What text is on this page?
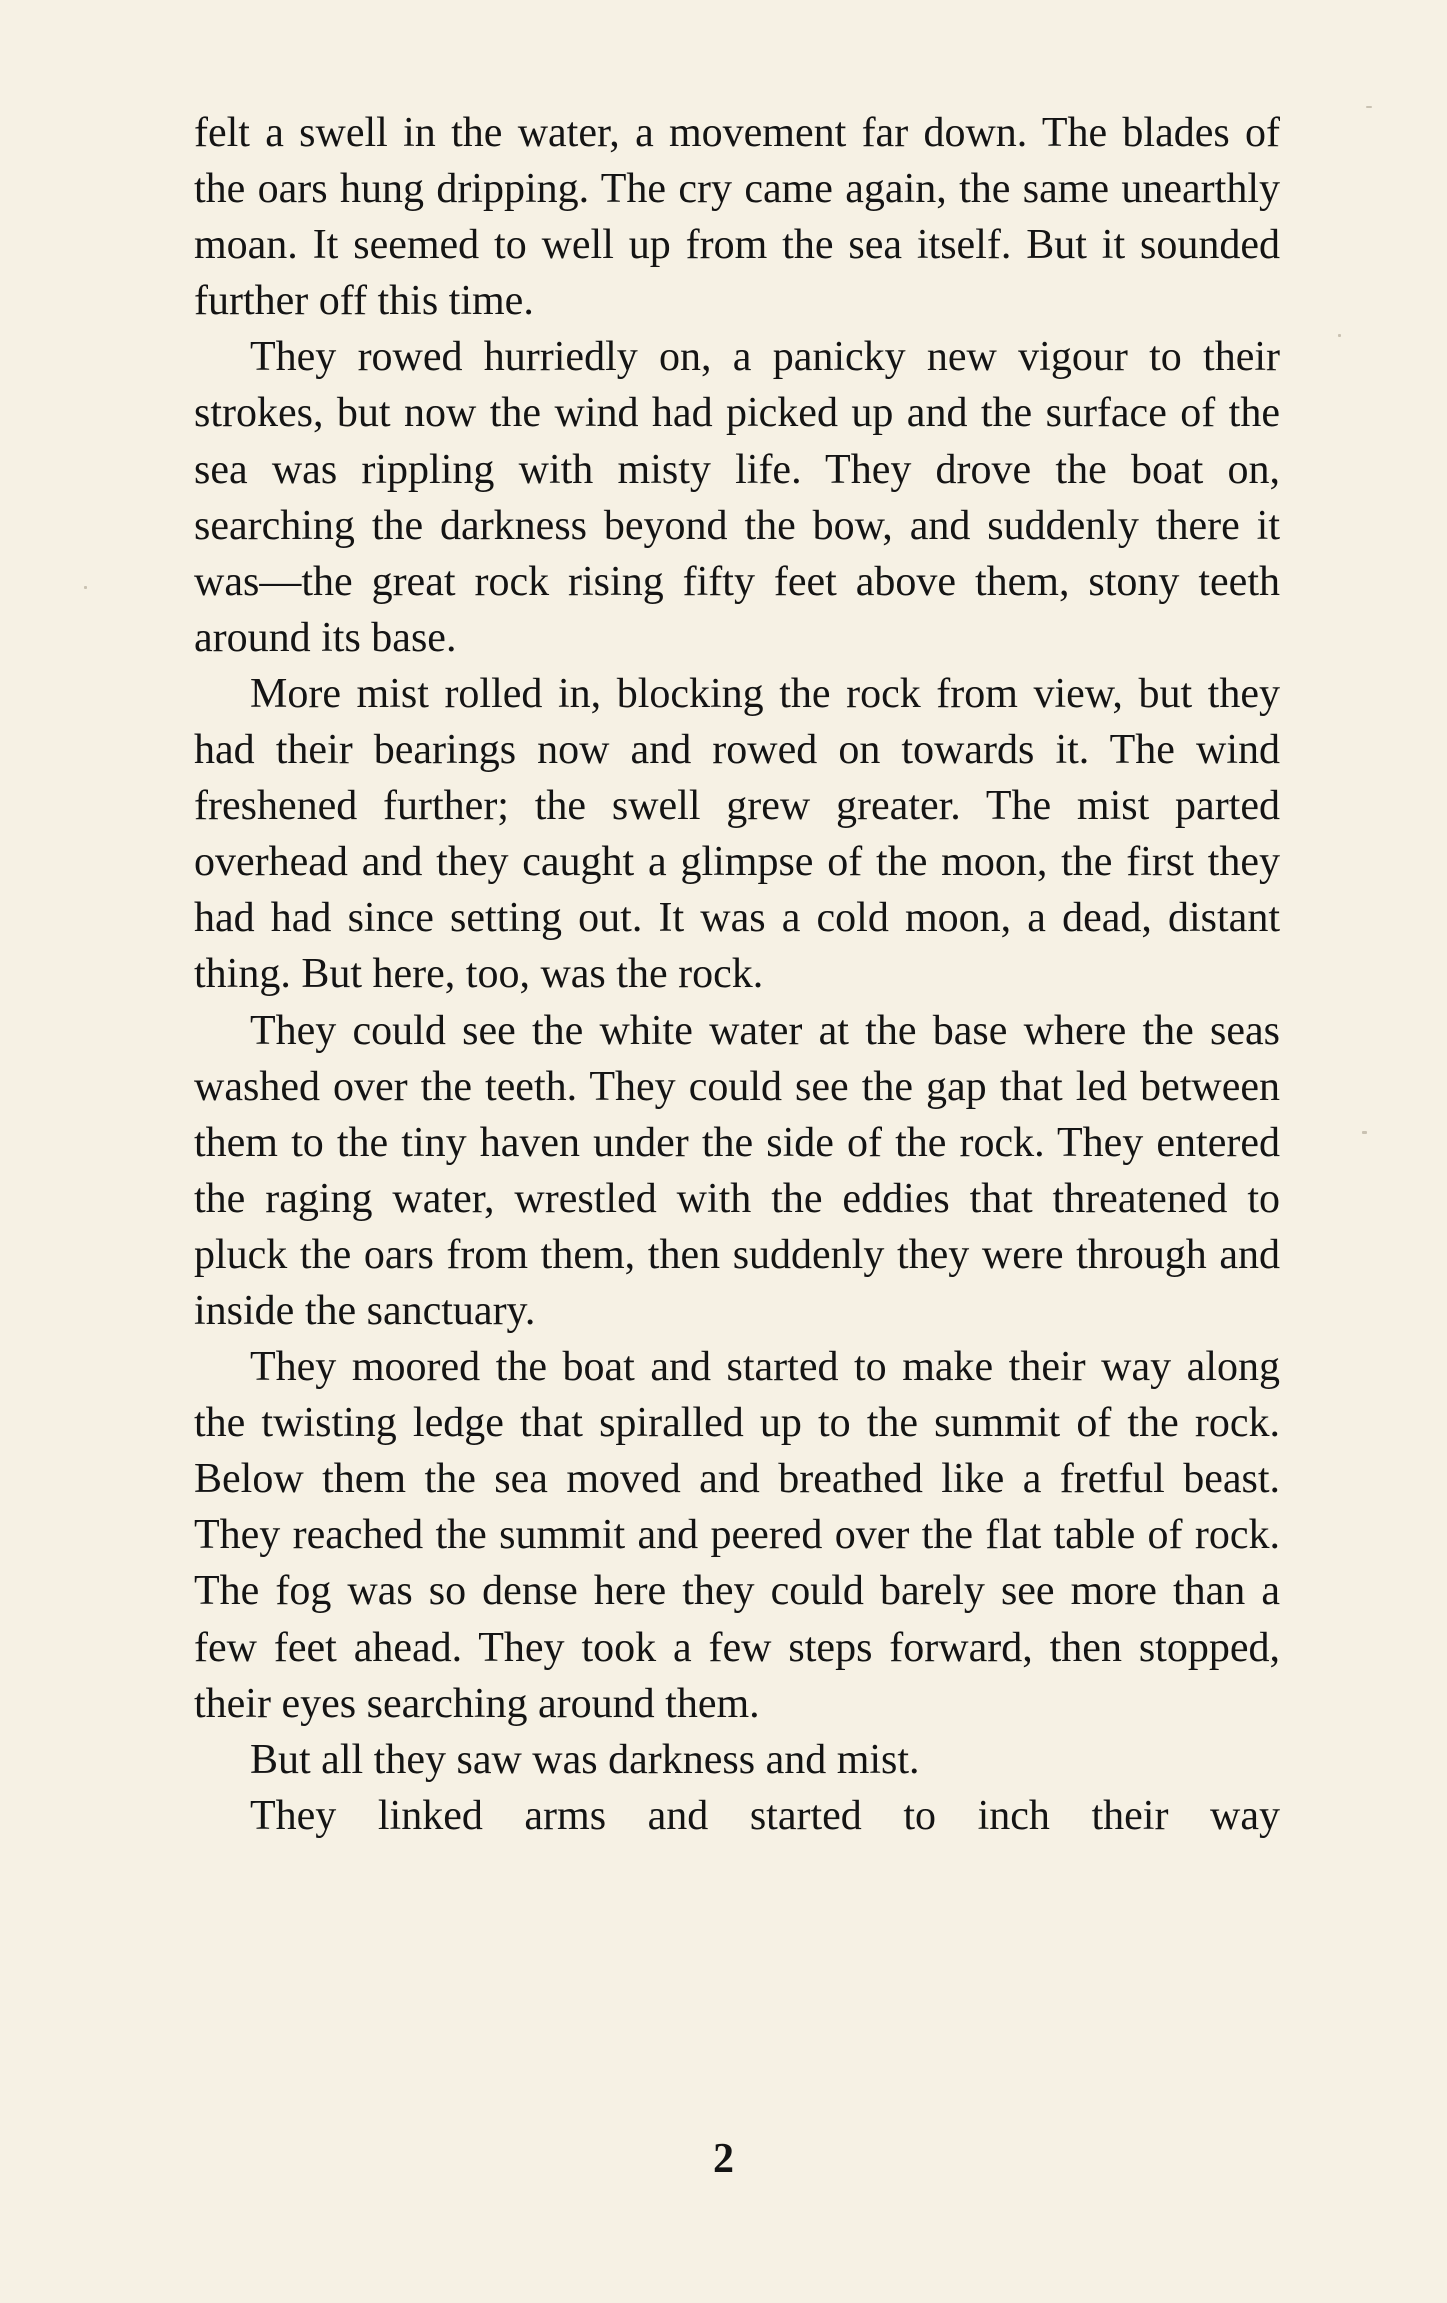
felt a swell in the water, a movement far down. The blades of the oars hung dripping. The cry came again, the same unearthly moan. It seemed to well up from the sea itself. But it sounded further off this time.

They rowed hurriedly on, a panicky new vigour to their strokes, but now the wind had picked up and the surface of the sea was rippling with misty life. They drove the boat on, searching the darkness beyond the bow, and suddenly there it was—the great rock rising fifty feet above them, stony teeth around its base.

More mist rolled in, blocking the rock from view, but they had their bearings now and rowed on towards it. The wind freshened further; the swell grew greater. The mist parted overhead and they caught a glimpse of the moon, the first they had had since setting out. It was a cold moon, a dead, distant thing. But here, too, was the rock.

They could see the white water at the base where the seas washed over the teeth. They could see the gap that led between them to the tiny haven under the side of the rock. They entered the raging water, wrestled with the eddies that threatened to pluck the oars from them, then suddenly they were through and inside the sanctuary.

They moored the boat and started to make their way along the twisting ledge that spiralled up to the summit of the rock. Below them the sea moved and breathed like a fretful beast. They reached the summit and peered over the flat table of rock. The fog was so dense here they could barely see more than a few feet ahead. They took a few steps forward, then stopped, their eyes searching around them.

But all they saw was darkness and mist.

They linked arms and started to inch their way

2
